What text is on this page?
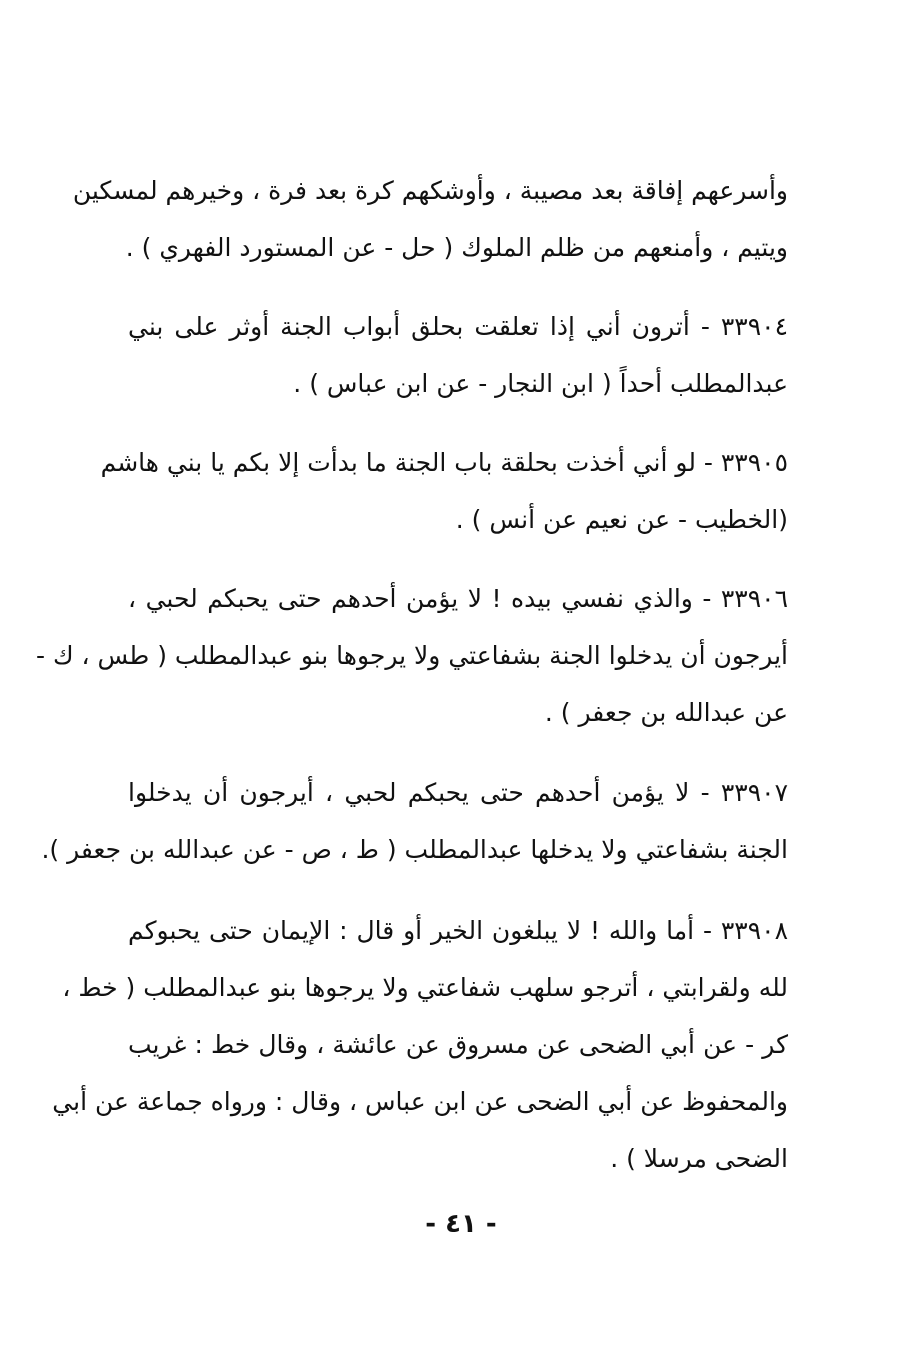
وأسرعهم إفاقة بعد مصيبة ، وأوشكهم كرة بعد فرة ، وخيرهم لمسكين
ويتيم ، وأمنعهم من ظلم الملوك ( حل - عن المستورد الفهري ) .
٣٣٩٠٤ - أترون أني إذا تعلقت بحلق أبواب الجنة أوثر على بني
عبدالمطلب أحداً ( ابن النجار - عن ابن عباس ) .
٣٣٩٠٥ - لو أني أخذت بحلقة باب الجنة ما بدأت إلا بكم يا بني هاشم
(الخطيب - عن نعيم عن أنس ) .
٣٣٩٠٦ - والذي نفسي بيده ! لا يؤمن أحدهم حتى يحبكم لحبي ،
أيرجون أن يدخلوا الجنة بشفاعتي ولا يرجوها بنو عبدالمطلب ( طس ، ك -
عن عبدالله بن جعفر ) .
٣٣٩٠٧ - لا يؤمن أحدهم حتى يحبكم لحبي ، أيرجون أن يدخلوا
الجنة بشفاعتي ولا يدخلها عبدالمطلب ( ط ، ص - عن عبدالله بن جعفر ).
٣٣٩٠٨ - أما والله ! لا يبلغون الخير أو قال : الإيمان حتى يحبوكم
لله ولقرابتي ، أترجو سلهب شفاعتي ولا يرجوها بنو عبدالمطلب ( خط ،
كر - عن أبي الضحى عن مسروق عن عائشة ، وقال خط : غريب
والمحفوظ عن أبي الضحى عن ابن عباس ، وقال : ورواه جماعة عن أبي
الضحى مرسلا ) .
- ٤١ -
